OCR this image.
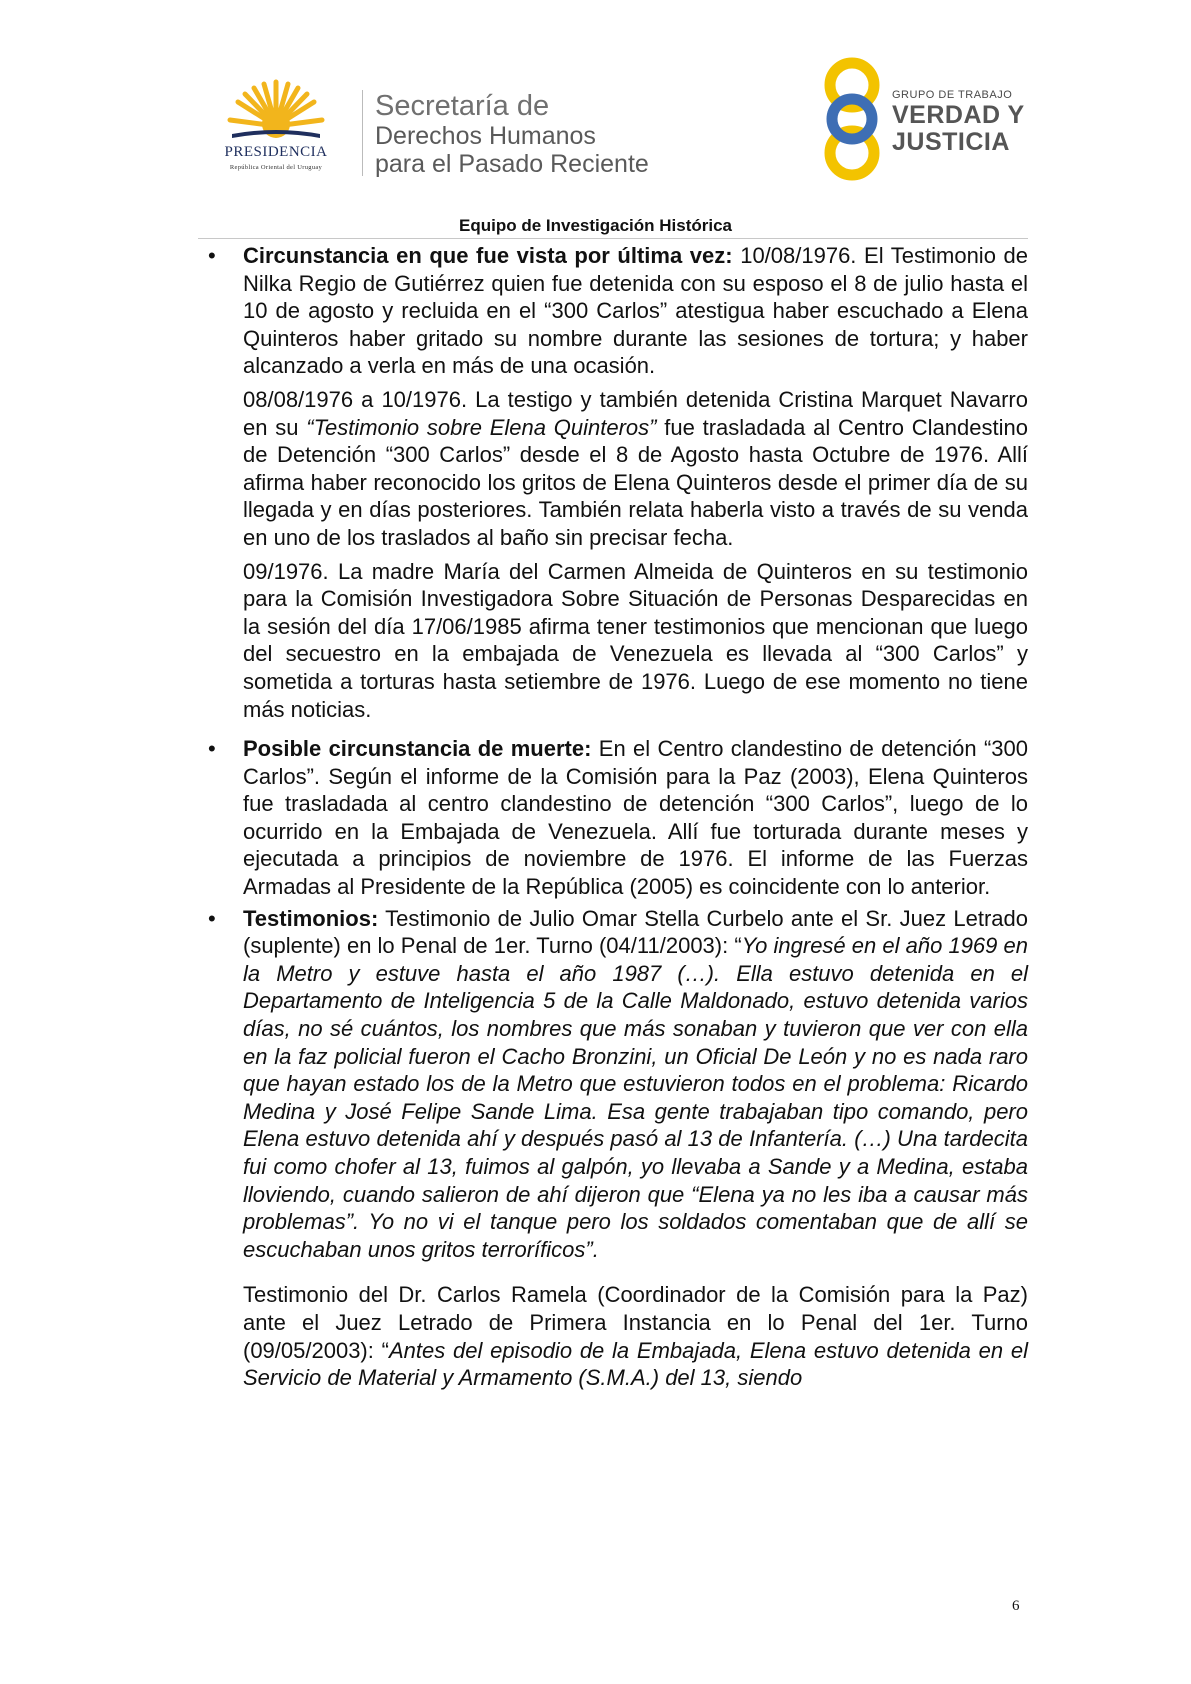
PRESIDENCIA
República Oriental del Uruguay
Secretaría de
Derechos Humanos
para el Pasado Reciente
GRUPO DE TRABAJO
VERDAD Y
JUSTICIA
Equipo de Investigación Histórica
• Circunstancia en que fue vista por última vez: 10/08/1976. El Testimonio de Nilka Regio de Gutiérrez quien fue detenida con su esposo el 8 de julio hasta el 10 de agosto y recluida en el “300 Carlos” atestigua haber escuchado a Elena Quinteros haber gritado su nombre durante las sesiones de tortura; y haber alcanzado a verla en más de una ocasión.

08/08/1976 a 10/1976. La testigo y también detenida Cristina Marquet Navarro en su “Testimonio sobre Elena Quinteros” fue trasladada al Centro Clandestino de Detención “300 Carlos” desde el 8 de Agosto hasta Octubre de 1976. Allí afirma haber reconocido los gritos de Elena Quinteros desde el primer día de su llegada y en días posteriores. También relata haberla visto a través de su venda en uno de los traslados al baño sin precisar fecha.

09/1976. La madre María del Carmen Almeida de Quinteros en su testimonio para la Comisión Investigadora Sobre Situación de Personas Desparecidas en la sesión del día 17/06/1985 afirma tener testimonios que mencionan que luego del secuestro en la embajada de Venezuela es llevada al “300 Carlos” y sometida a torturas hasta setiembre de 1976. Luego de ese momento no tiene más noticias.

• Posible circunstancia de muerte: En el Centro clandestino de detención “300 Carlos”. Según el informe de la Comisión para la Paz (2003), Elena Quinteros fue trasladada al centro clandestino de detención “300 Carlos”, luego de lo ocurrido en la Embajada de Venezuela. Allí fue torturada durante meses y ejecutada a principios de noviembre de 1976. El informe de las Fuerzas Armadas al Presidente de la República (2005) es coincidente con lo anterior.
• Testimonios: Testimonio de Julio Omar Stella Curbelo ante el Sr. Juez Letrado (suplente) en lo Penal de 1er. Turno (04/11/2003): “Yo ingresé en el año 1969 en la Metro y estuve hasta el año 1987 (…). Ella estuvo detenida en el Departamento de Inteligencia 5 de la Calle Maldonado, estuvo detenida varios días, no sé cuántos, los nombres que más sonaban y tuvieron que ver con ella en la faz policial fueron el Cacho Bronzini, un Oficial De León y no es nada raro que hayan estado los de la Metro que estuvieron todos en el problema: Ricardo Medina y José Felipe Sande Lima. Esa gente trabajaban tipo comando, pero Elena estuvo detenida ahí y después pasó al 13 de Infantería. (…) Una tardecita fui como chofer al 13, fuimos al galpón, yo llevaba a Sande y a Medina, estaba lloviendo, cuando salieron de ahí dijeron que “Elena ya no les iba a causar más problemas”. Yo no vi el tanque pero los soldados comentaban que de allí se escuchaban unos gritos terroríficos”.

Testimonio del Dr. Carlos Ramela (Coordinador de la Comisión para la Paz) ante el Juez Letrado de Primera Instancia en lo Penal del 1er. Turno (09/05/2003): “Antes del episodio de la Embajada, Elena estuvo detenida en el Servicio de Material y Armamento (S.M.A.) del 13, siendo

6
